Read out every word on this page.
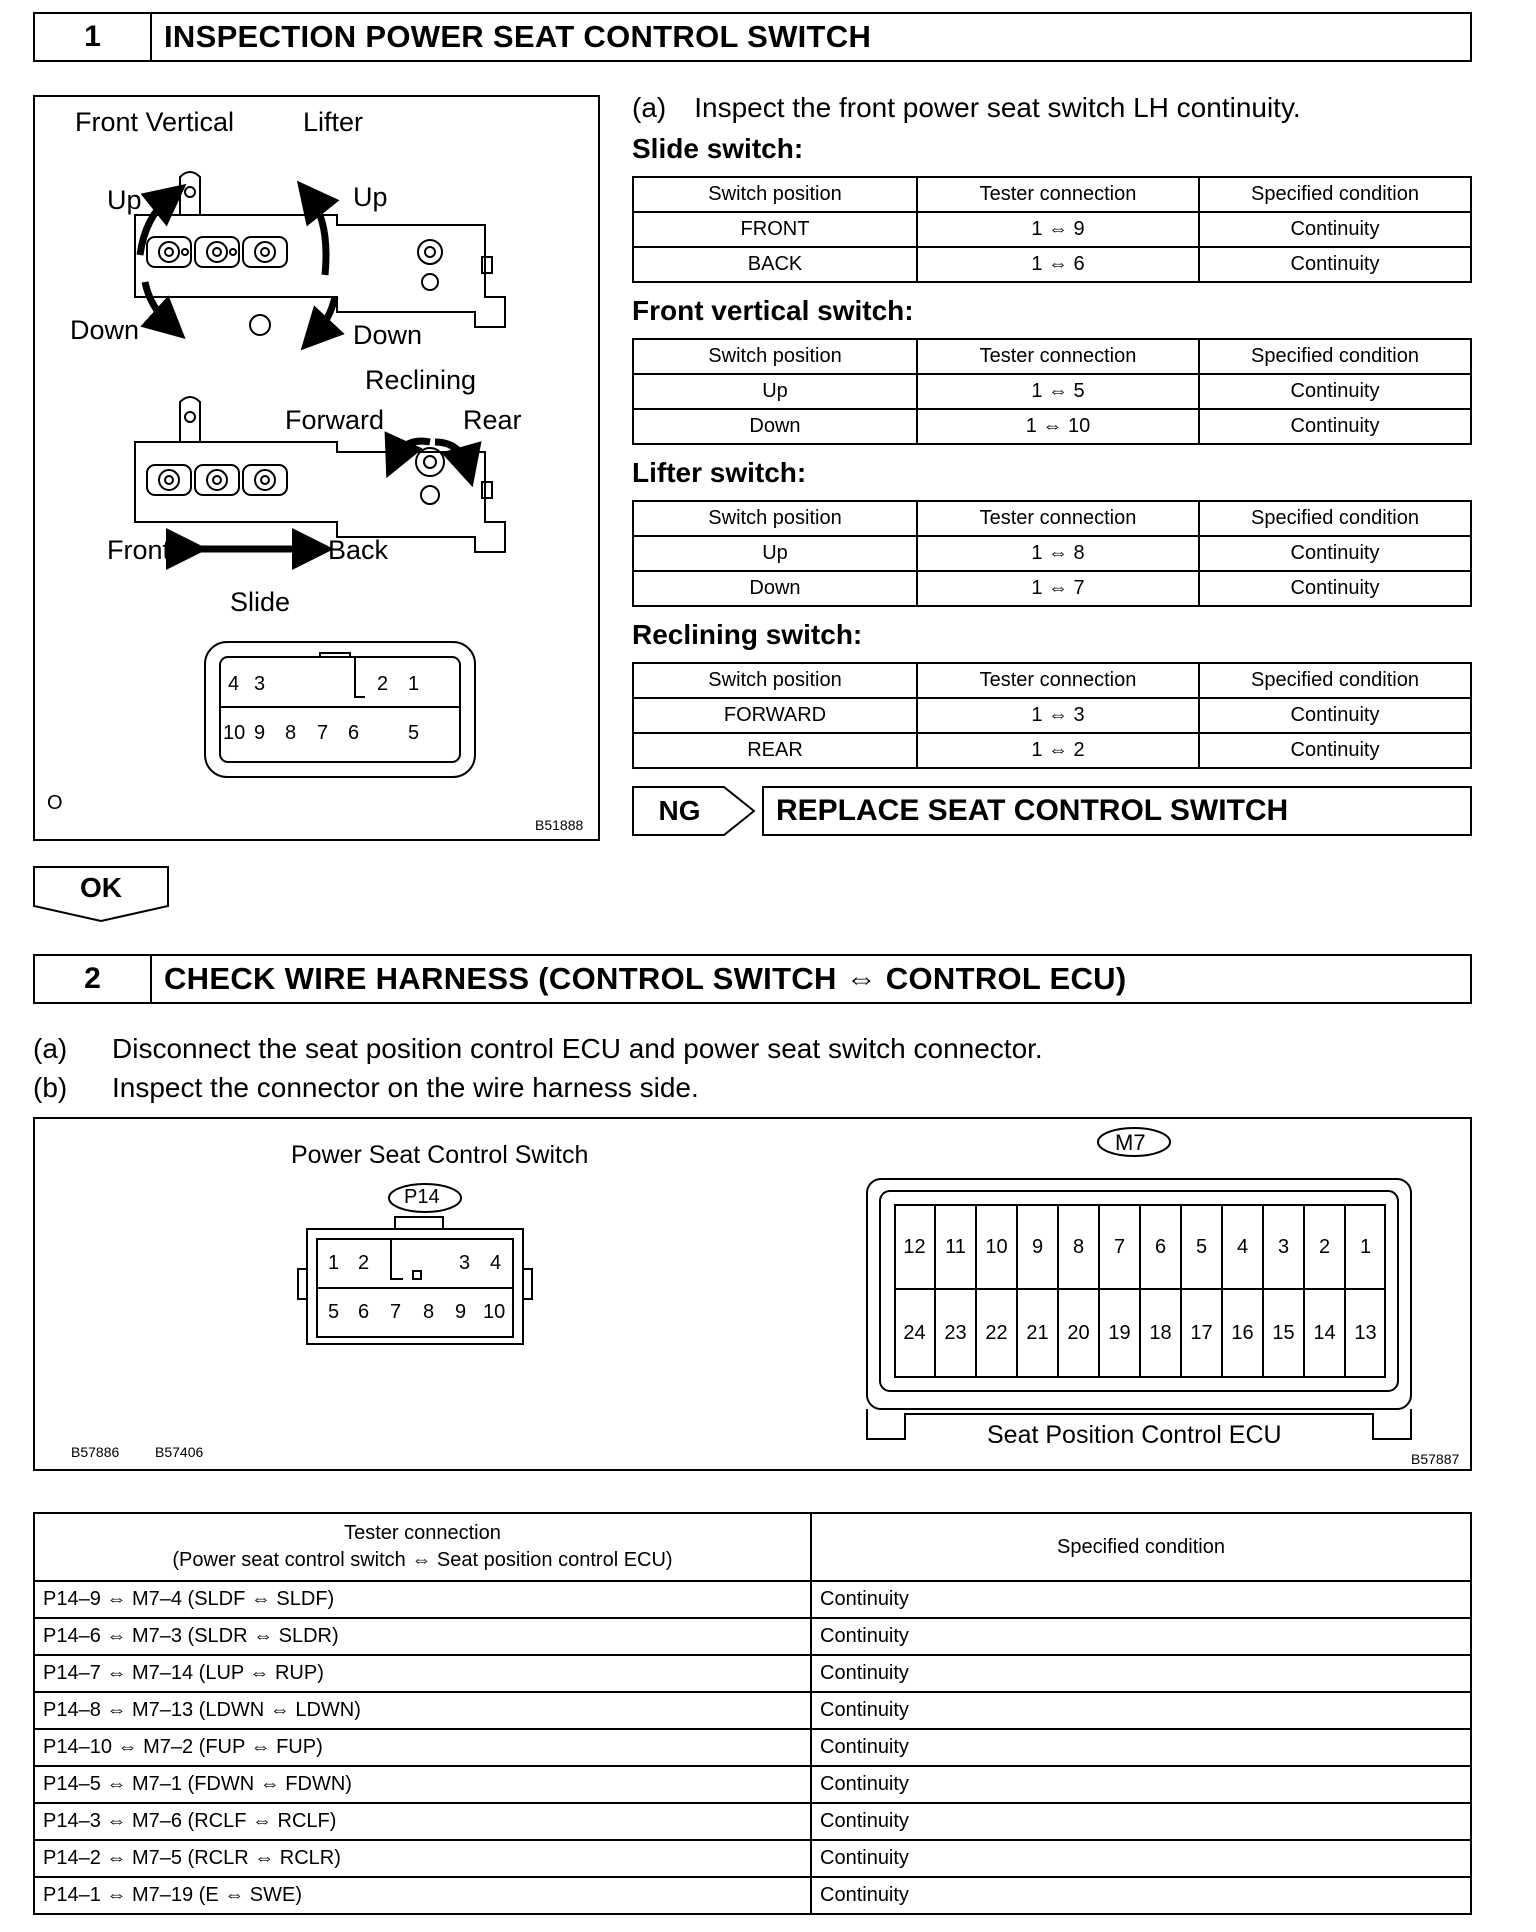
1	INSPECTION POWER SEAT CONTROL SWITCH
Front Vertical	Lifter
Up	Up
Down	Down
Reclining
Forward	Rear
Front	Back
Slide
4 3	2 1
10 9 8 7 6 5
O
B51888
(a) Inspect the front power seat switch LH continuity.
Slide switch:
Switch position	Tester connection	Specified condition
FRONT	1 ⇔ 9	Continuity
BACK	1 ⇔ 6	Continuity
Front vertical switch:
Switch position	Tester connection	Specified condition
Up	1 ⇔ 5	Continuity
Down	1 ⇔ 10	Continuity
Lifter switch:
Switch position	Tester connection	Specified condition
Up	1 ⇔ 8	Continuity
Down	1 ⇔ 7	Continuity
Reclining switch:
Switch position	Tester connection	Specified condition
FORWARD	1 ⇔ 3	Continuity
REAR	1 ⇔ 2	Continuity
NG	REPLACE SEAT CONTROL SWITCH
OK
2	CHECK WIRE HARNESS (CONTROL SWITCH ⇔ CONTROL ECU)
(a) Disconnect the seat position control ECU and power seat switch connector.
(b) Inspect the connector on the wire harness side.
Power Seat Control Switch
P14
1 2	3 4
5 6 7 8 9 10
M7
12 11 10	9	8	7	6	5	4	3	2	1
24 23 22 21 20 19 18 17 16 15 14 13
Seat Position Control ECU
B57886	B57406	B57887
Tester connection
(Power seat control switch ⇔ Seat position control ECU)	Specified condition
P14–9 ⇔ M7–4 (SLDF ⇔ SLDF)	Continuity
P14–6 ⇔ M7–3 (SLDR ⇔ SLDR)	Continuity
P14–7 ⇔ M7–14 (LUP ⇔ RUP)	Continuity
P14–8 ⇔ M7–13 (LDWN ⇔ LDWN)	Continuity
P14–10 ⇔ M7–2 (FUP ⇔ FUP)	Continuity
P14–5 ⇔ M7–1 (FDWN ⇔ FDWN)	Continuity
P14–3 ⇔ M7–6 (RCLF ⇔ RCLF)	Continuity
P14–2 ⇔ M7–5 (RCLR ⇔ RCLR)	Continuity
P14–1 ⇔ M7–19 (E ⇔ SWE)	Continuity
